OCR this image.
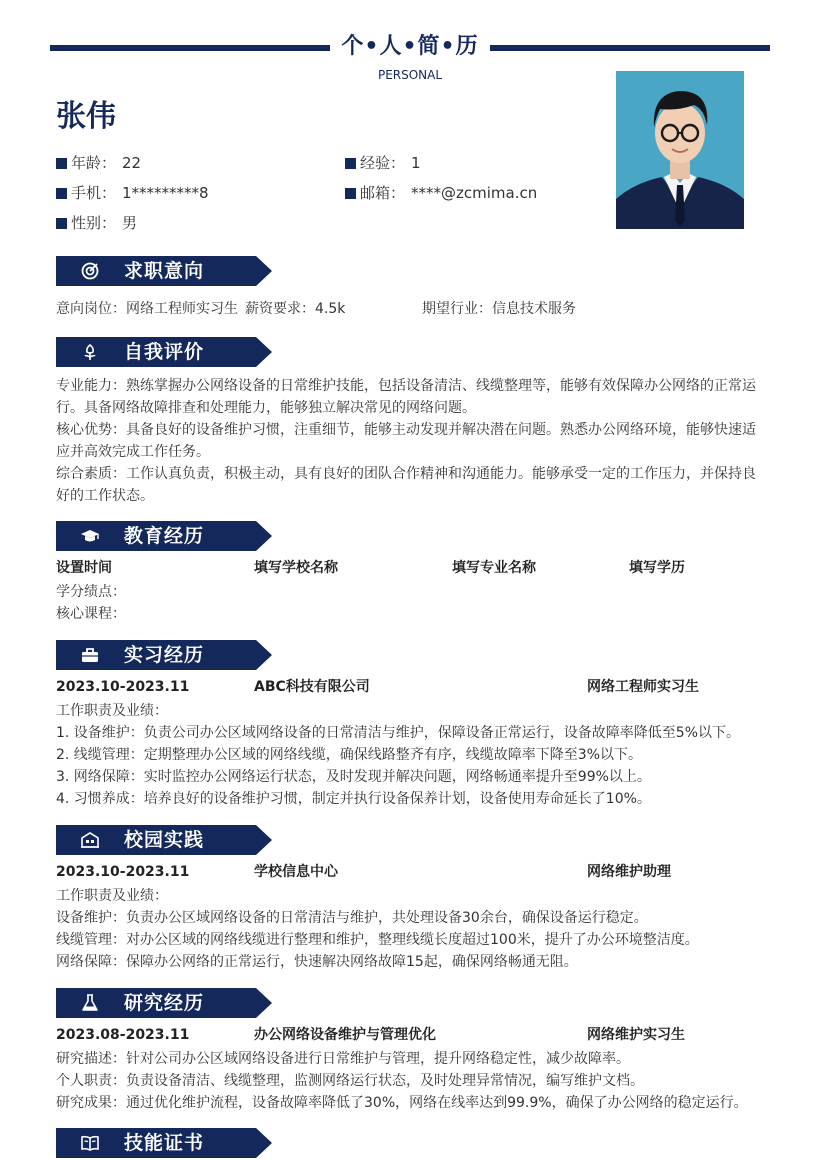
个•人•简•历
PERSONAL
张伟
年龄： 22	经验： 1
手机： 1*********8	邮箱： ****@zcmima.cn
性别： 男
求职意向
意向岗位：网络工程师实习生 薪资要求：4.5k	期望行业：信息技术服务
自我评价
专业能力：熟练掌握办公网络设备的日常维护技能，包括设备清洁、线缆整理等，能够有效保障办公网络的正常运行。具备网络故障排查和处理能力，能够独立解决常见的网络问题。
核心优势：具备良好的设备维护习惯，注重细节，能够主动发现并解决潜在问题。熟悉办公网络环境，能够快速适应并高效完成工作任务。
综合素质：工作认真负责，积极主动，具有良好的团队合作精神和沟通能力。能够承受一定的工作压力，并保持良好的工作状态。
教育经历
设置时间	填写学校名称	填写专业名称	填写学历
学分绩点：
核心课程：
实习经历
2023.10-2023.11	ABC科技有限公司	网络工程师实习生
工作职责及业绩：
1. 设备维护：负责公司办公区域网络设备的日常清洁与维护，保障设备正常运行，设备故障率降低至5%以下。
2. 线缆管理：定期整理办公区域的网络线缆，确保线路整齐有序，线缆故障率下降至3%以下。
3. 网络保障：实时监控办公网络运行状态，及时发现并解决问题，网络畅通率提升至99%以上。
4. 习惯养成：培养良好的设备维护习惯，制定并执行设备保养计划，设备使用寿命延长了10%。
校园实践
2023.10-2023.11	学校信息中心	网络维护助理
工作职责及业绩：
设备维护：负责办公区域网络设备的日常清洁与维护，共处理设备30余台，确保设备运行稳定。
线缆管理：对办公区域的网络线缆进行整理和维护，整理线缆长度超过100米，提升了办公环境整洁度。
网络保障：保障办公网络的正常运行，快速解决网络故障15起，确保网络畅通无阻。
研究经历
2023.08-2023.11	办公网络设备维护与管理优化	网络维护实习生
研究描述：针对公司办公区域网络设备进行日常维护与管理，提升网络稳定性，减少故障率。
个人职责：负责设备清洁、线缆整理，监测网络运行状态，及时处理异常情况，编写维护文档。
研究成果：通过优化维护流程，设备故障率降低了30%，网络在线率达到99.9%，确保了办公网络的稳定运行。
技能证书
